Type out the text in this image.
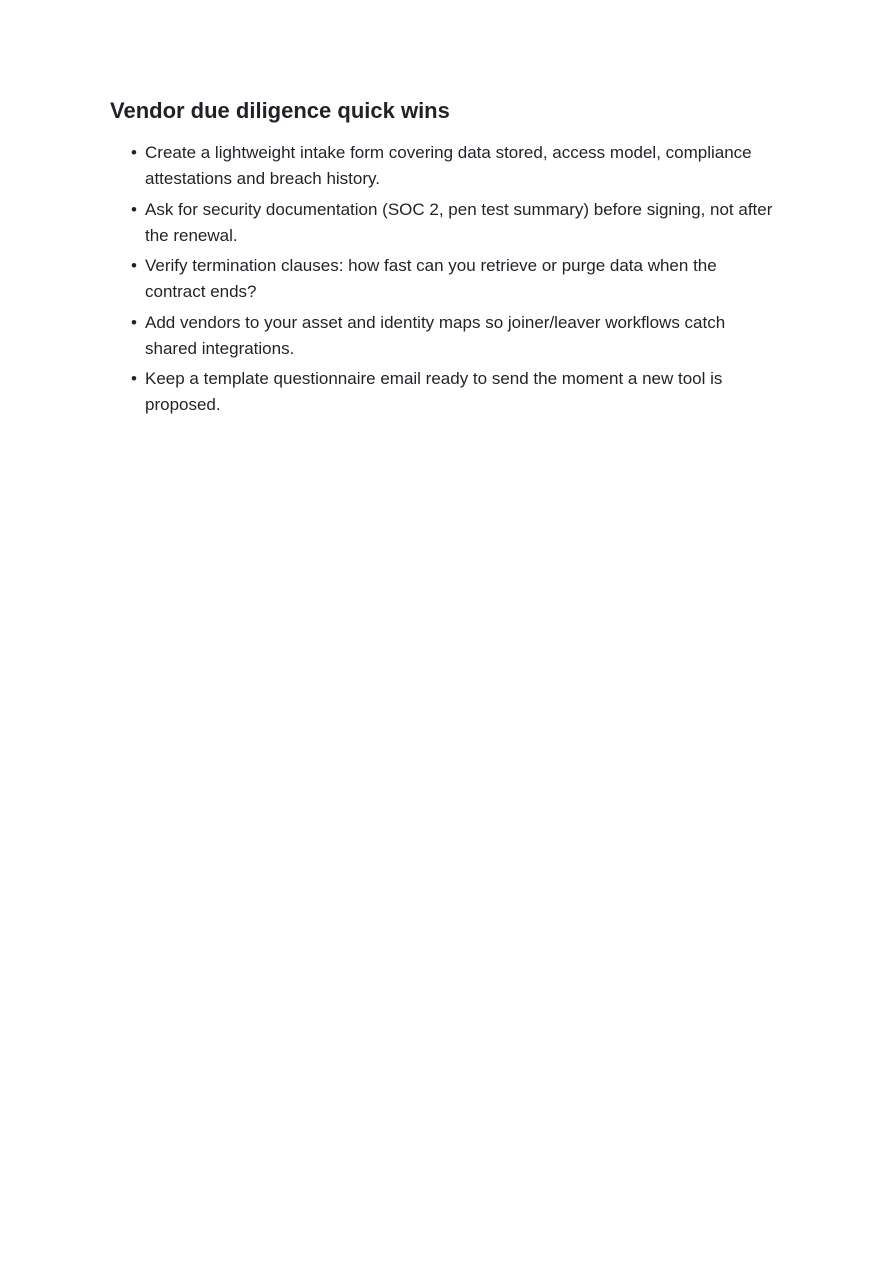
Vendor due diligence quick wins
• Create a lightweight intake form covering data stored, access model, compliance attestations and breach history.
• Ask for security documentation (SOC 2, pen test summary) before signing, not after the renewal.
• Verify termination clauses: how fast can you retrieve or purge data when the contract ends?
• Add vendors to your asset and identity maps so joiner/leaver workflows catch shared integrations.
• Keep a template questionnaire email ready to send the moment a new tool is proposed.
